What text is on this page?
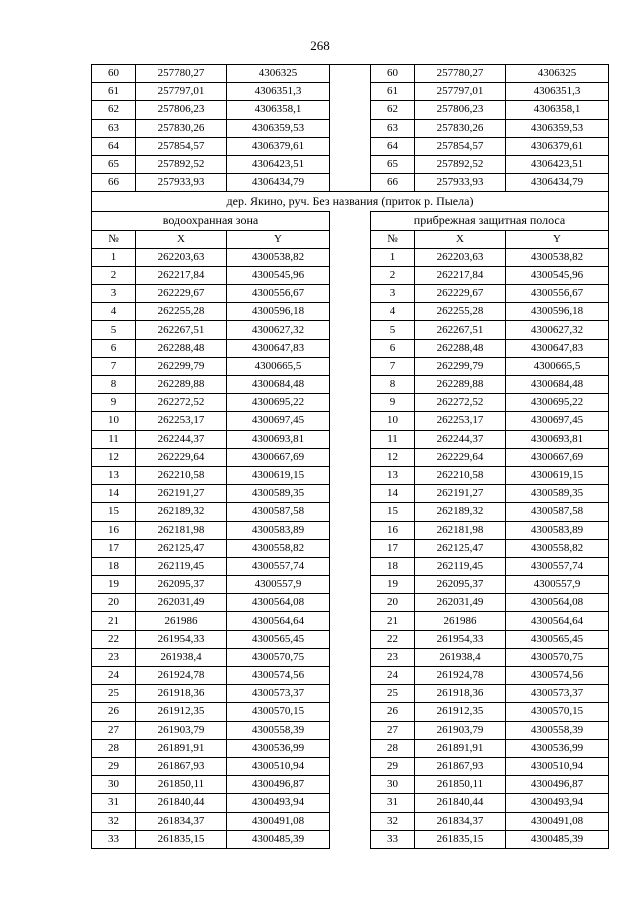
268
60	257780,27	4306325		60	257780,27	4306325
61	257797,01	4306351,3		61	257797,01	4306351,3
62	257806,23	4306358,1		62	257806,23	4306358,1
63	257830,26	4306359,53		63	257830,26	4306359,53
64	257854,57	4306379,61		64	257854,57	4306379,61
65	257892,52	4306423,51		65	257892,52	4306423,51
66	257933,93	4306434,79		66	257933,93	4306434,79
дер. Якино, руч. Без названия (приток р. Пыела)						
водоохранная зона				прибрежная защитная полоса		
№	X	Y		№	X	Y
1	262203,63	4300538,82		1	262203,63	4300538,82
2	262217,84	4300545,96		2	262217,84	4300545,96
3	262229,67	4300556,67		3	262229,67	4300556,67
4	262255,28	4300596,18		4	262255,28	4300596,18
5	262267,51	4300627,32		5	262267,51	4300627,32
6	262288,48	4300647,83		6	262288,48	4300647,83
7	262299,79	4300665,5		7	262299,79	4300665,5
8	262289,88	4300684,48		8	262289,88	4300684,48
9	262272,52	4300695,22		9	262272,52	4300695,22
10	262253,17	4300697,45		10	262253,17	4300697,45
11	262244,37	4300693,81		11	262244,37	4300693,81
12	262229,64	4300667,69		12	262229,64	4300667,69
13	262210,58	4300619,15		13	262210,58	4300619,15
14	262191,27	4300589,35		14	262191,27	4300589,35
15	262189,32	4300587,58		15	262189,32	4300587,58
16	262181,98	4300583,89		16	262181,98	4300583,89
17	262125,47	4300558,82		17	262125,47	4300558,82
18	262119,45	4300557,74		18	262119,45	4300557,74
19	262095,37	4300557,9		19	262095,37	4300557,9
20	262031,49	4300564,08		20	262031,49	4300564,08
21	261986	4300564,64		21	261986	4300564,64
22	261954,33	4300565,45		22	261954,33	4300565,45
23	261938,4	4300570,75		23	261938,4	4300570,75
24	261924,78	4300574,56		24	261924,78	4300574,56
25	261918,36	4300573,37		25	261918,36	4300573,37
26	261912,35	4300570,15		26	261912,35	4300570,15
27	261903,79	4300558,39		27	261903,79	4300558,39
28	261891,91	4300536,99		28	261891,91	4300536,99
29	261867,93	4300510,94		29	261867,93	4300510,94
30	261850,11	4300496,87		30	261850,11	4300496,87
31	261840,44	4300493,94		31	261840,44	4300493,94
32	261834,37	4300491,08		32	261834,37	4300491,08
33	261835,15	4300485,39		33	261835,15	4300485,39
